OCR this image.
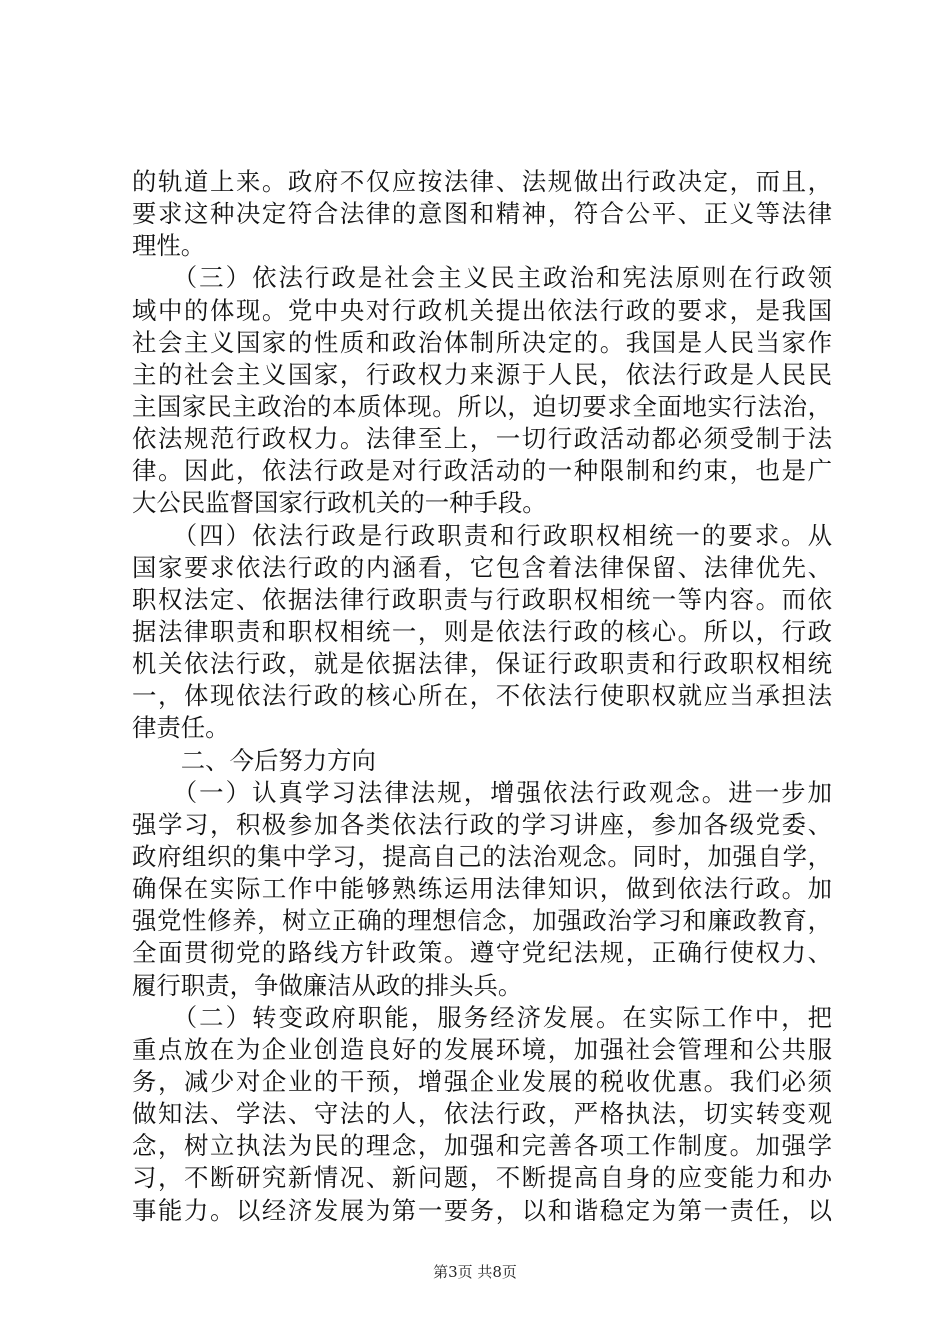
的轨道上来。政府不仅应按法律、法规做出行政决定，而且，
要求这种决定符合法律的意图和精神，符合公平、正义等法律
理性。
　　（三）依法行政是社会主义民主政治和宪法原则在行政领
域中的体现。党中央对行政机关提出依法行政的要求，是我国
社会主义国家的性质和政治体制所决定的。我国是人民当家作
主的社会主义国家，行政权力来源于人民，依法行政是人民民
主国家民主政治的本质体现。所以，迫切要求全面地实行法治，
依法规范行政权力。法律至上，一切行政活动都必须受制于法
律。因此，依法行政是对行政活动的一种限制和约束，也是广
大公民监督国家行政机关的一种手段。
　　（四）依法行政是行政职责和行政职权相统一的要求。从
国家要求依法行政的内涵看，它包含着法律保留、法律优先、
职权法定、依据法律行政职责与行政职权相统一等内容。而依
据法律职责和职权相统一，则是依法行政的核心。所以，行政
机关依法行政，就是依据法律，保证行政职责和行政职权相统
一，体现依法行政的核心所在，不依法行使职权就应当承担法
律责任。
　　二、今后努力方向
　　（一）认真学习法律法规，增强依法行政观念。进一步加
强学习，积极参加各类依法行政的学习讲座，参加各级党委、
政府组织的集中学习，提高自己的法治观念。同时，加强自学，
确保在实际工作中能够熟练运用法律知识，做到依法行政。加
强党性修养，树立正确的理想信念，加强政治学习和廉政教育，
全面贯彻党的路线方针政策。遵守党纪法规，正确行使权力、
履行职责，争做廉洁从政的排头兵。
　　（二）转变政府职能，服务经济发展。在实际工作中，把
重点放在为企业创造良好的发展环境，加强社会管理和公共服
务，减少对企业的干预，增强企业发展的税收优惠。我们必须
做知法、学法、守法的人，依法行政，严格执法，切实转变观
念，树立执法为民的理念，加强和完善各项工作制度。加强学
习，不断研究新情况、新问题，不断提高自身的应变能力和办
事能力。以经济发展为第一要务，以和谐稳定为第一责任，以
第3页 共8页
